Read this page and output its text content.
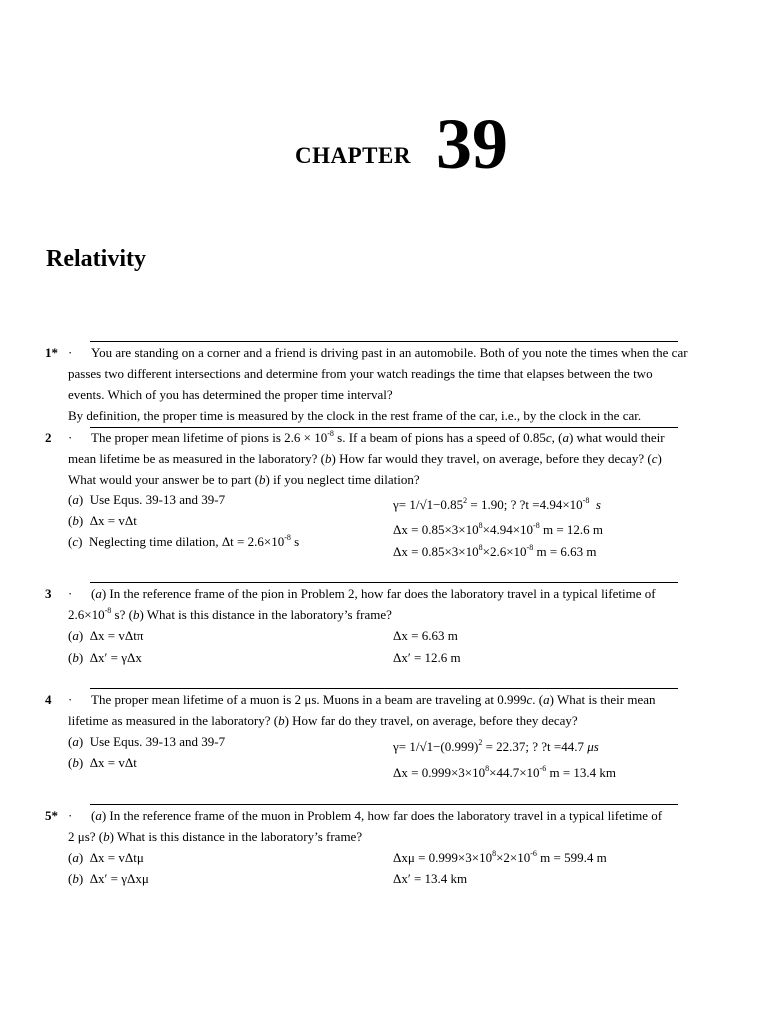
CHAPTER 39
Relativity
1* · You are standing on a corner and a friend is driving past in an automobile. Both of you note the times when the car
passes two different intersections and determine from your watch readings the time that elapses between the two
events. Which of you has determined the proper time interval?
By definition, the proper time is measured by the clock in the rest frame of the car, i.e., by the clock in the car.
2 · The proper mean lifetime of pions is $2.6 \times 10^{-8}$ s. If a beam of pions has a speed of 0.85c, (a) what would their
mean lifetime be as measured in the laboratory? (b) How far would they travel, on average, before they decay? (c)
What would your answer be to part (b) if you neglect time dilation?
(a)  Use Equs. 39-13 and 39-7
(b)  Δx = vΔt
(c)  Neglecting time dilation, $\Delta t = 2.6\times 10^{-8}$ s
$\gamma= 1/√1-0.85^2 = 1.90$; ? ?t $=4.94\times 10^{-8}$ s
$\Delta x = 0.85\times 3\times 10^8\times 4.94\times 10^{-8}$ m = 12.6 m
$\Delta x = 0.85\times 3\times 10^8\times 2.6\times 10^{-8}$ m = 6.63 m
3 · (a) In the reference frame of the pion in Problem 2, how far does the laboratory travel in a typical lifetime of
$2.6\times 10^{-8}$ s? (b) What is this distance in the laboratory’s frame?
(a)  Δx = vΔtπ
(b)  Δx′ = γΔx
Δx = 6.63 m
Δx′ = 12.6 m
4 · The proper mean lifetime of a muon is 2 μs. Muons in a beam are traveling at 0.999c. (a) What is their mean
lifetime as measured in the laboratory? (b) How far do they travel, on average, before they decay?
(a)  Use Equs. 39-13 and 39-7
(b)  Δx = vΔt
$\gamma= 1/√1-(0.999)^2 = 22.37$; ? ?t =44.7 μs
$\Delta x = 0.999\times 3\times 10^8\times 44.7\times 10^{-6}$ m = 13.4 km
5* · (a) In the reference frame of the muon in Problem 4, how far does the laboratory travel in a typical lifetime of
2 μs? (b) What is this distance in the laboratory’s frame?
(a)  Δx = vΔtμ
(b)  Δx′ = γΔxμ
$\Delta x\mu = 0.999\times 3\times 10^8\times 2\times 10^{-6}$ m = 599.4 m
Δx′ = 13.4 km
